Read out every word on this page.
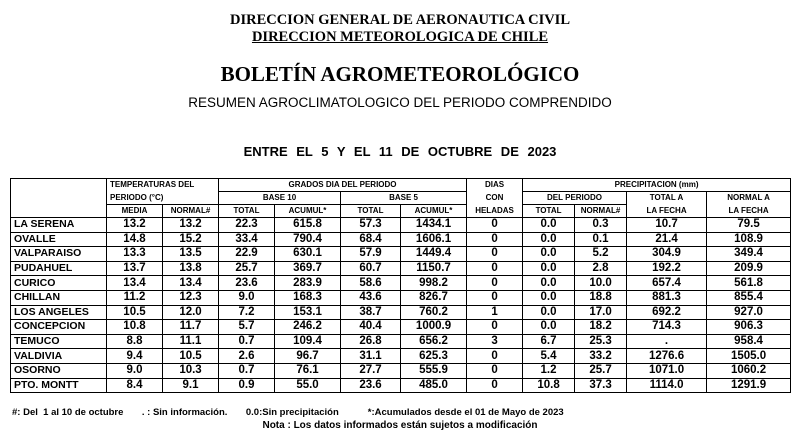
DIRECCION GENERAL DE AERONAUTICA CIVIL
DIRECCION METEOROLOGICA DE CHILE
BOLETÍN AGROMETEOROLÓGICO
RESUMEN AGROCLIMATOLOGICO DEL PERIODO COMPRENDIDO
ENTRE EL 5 Y EL 11 DE OCTUBRE DE 2023
	TEMPERATURAS DEL		GRADOS DIA DEL PERIODO				DIAS	PRECIPITACION (mm)			
	PERIODO (°C)		BASE 10		BASE 5		CON	DEL PERIODO		TOTAL A	NORMAL A
	MEDIA	NORMAL#	TOTAL	ACUMUL*	TOTAL	ACUMUL*	HELADAS	TOTAL	NORMAL#	LA FECHA	LA FECHA
LA SERENA	13.2	13.2	22.3	615.8	57.3	1434.1	0	0.0	0.3	10.7	79.5
OVALLE	14.8	15.2	33.4	790.4	68.4	1606.1	0	0.0	0.1	21.4	108.9
VALPARAISO	13.3	13.5	22.9	630.1	57.9	1449.4	0	0.0	5.2	304.9	349.4
PUDAHUEL	13.7	13.8	25.7	369.7	60.7	1150.7	0	0.0	2.8	192.2	209.9
CURICO	13.4	13.4	23.6	283.9	58.6	998.2	0	0.0	10.0	657.4	561.8
CHILLAN	11.2	12.3	9.0	168.3	43.6	826.7	0	0.0	18.8	881.3	855.4
LOS ANGELES	10.5	12.0	7.2	153.1	38.7	760.2	1	0.0	17.0	692.2	927.0
CONCEPCION	10.8	11.7	5.7	246.2	40.4	1000.9	0	0.0	18.2	714.3	906.3
TEMUCO	8.8	11.1	0.7	109.4	26.8	656.2	3	6.7	25.3	.	958.4
VALDIVIA	9.4	10.5	2.6	96.7	31.1	625.3	0	5.4	33.2	1276.6	1505.0
OSORNO	9.0	10.3	0.7	76.1	27.7	555.9	0	1.2	25.7	1071.0	1060.2
PTO. MONTT	8.4	9.1	0.9	55.0	23.6	485.0	0	10.8	37.3	1114.0	1291.9
#: Del  1 al 10 de octubre       . : Sin información.       0.0:Sin precipitación           *:Acumulados desde el 01 de Mayo de 2023
Nota : Los datos informados están sujetos a modificación
